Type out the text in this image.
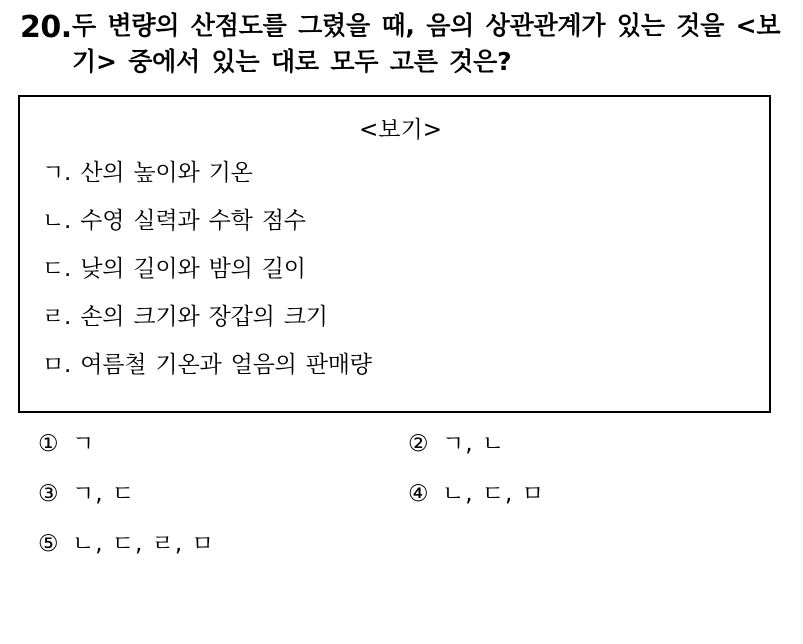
20. 두 변량의 산점도를 그렸을 때, 음의 상관관계가 있는 것을 <보기> 중에서 있는 대로 모두 고른 것은?
<보기>
ㄱ. 산의 높이와 기온
ㄴ. 수영 실력과 수학 점수
ㄷ. 낮의 길이와 밤의 길이
ㄹ. 손의 크기와 장갑의 크기
ㅁ. 여름철 기온과 얼음의 판매량
① ㄱ	② ㄱ, ㄴ
③ ㄱ, ㄷ	④ ㄴ, ㄷ, ㅁ
⑤ ㄴ, ㄷ, ㄹ, ㅁ
